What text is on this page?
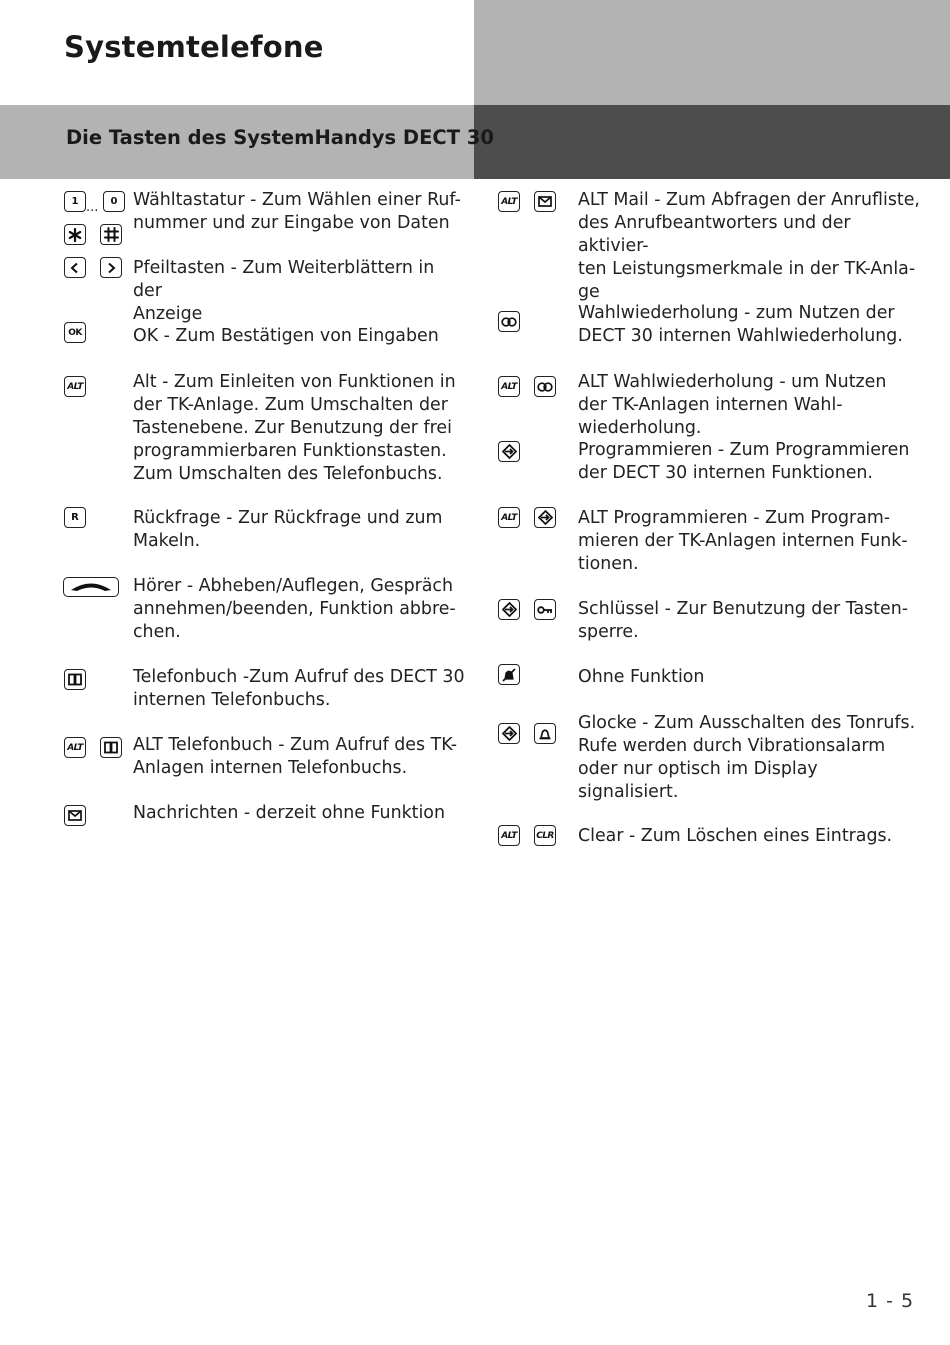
Systemtelefone
Die Tasten des SystemHandys DECT 30
1 ... 0 Wähltastatur - Zum Wählen einer Ruf-
nummer und zur Eingabe von Daten
Pfeiltasten - Zum Weiterblättern in der
Anzeige
OK	OK - Zum Bestätigen von Eingaben
ALT	Alt - Zum Einleiten von Funktionen in
der TK-Anlage. Zum Umschalten der
Tastenebene. Zur Benutzung der frei
programmierbaren Funktionstasten.
Zum Umschalten des Telefonbuchs.
R	Rückfrage - Zur Rückfrage und zum
Makeln.
Hörer - Abheben/Auflegen, Gespräch
annehmen/beenden, Funktion abbre-
chen.
Telefonbuch -Zum Aufruf des DECT 30
internen Telefonbuchs.
ALT	ALT Telefonbuch - Zum Aufruf des TK-
Anlagen internen Telefonbuchs.
Nachrichten - derzeit ohne Funktion
ALT	ALT Mail - Zum Abfragen der Anrufliste,
des Anrufbeantworters und der aktivier-
ten Leistungsmerkmale in der TK-Anla-
ge
Wahlwiederholung - zum Nutzen der
DECT 30 internen Wahlwiederholung.
ALT	ALT Wahlwiederholung - um Nutzen
der TK-Anlagen internen Wahl-
wiederholung.
Programmieren - Zum Programmieren
der DECT 30 internen Funktionen.
ALT	ALT Programmieren - Zum Program-
mieren der TK-Anlagen internen Funk-
tionen.
Schlüssel - Zur Benutzung der Tasten-
sperre.
Ohne Funktion
Glocke - Zum Ausschalten des Tonrufs.
Rufe werden durch Vibrationsalarm
oder nur optisch im Display signalisiert.
ALT CLR Clear - Zum Löschen eines Eintrags.
1 - 5
